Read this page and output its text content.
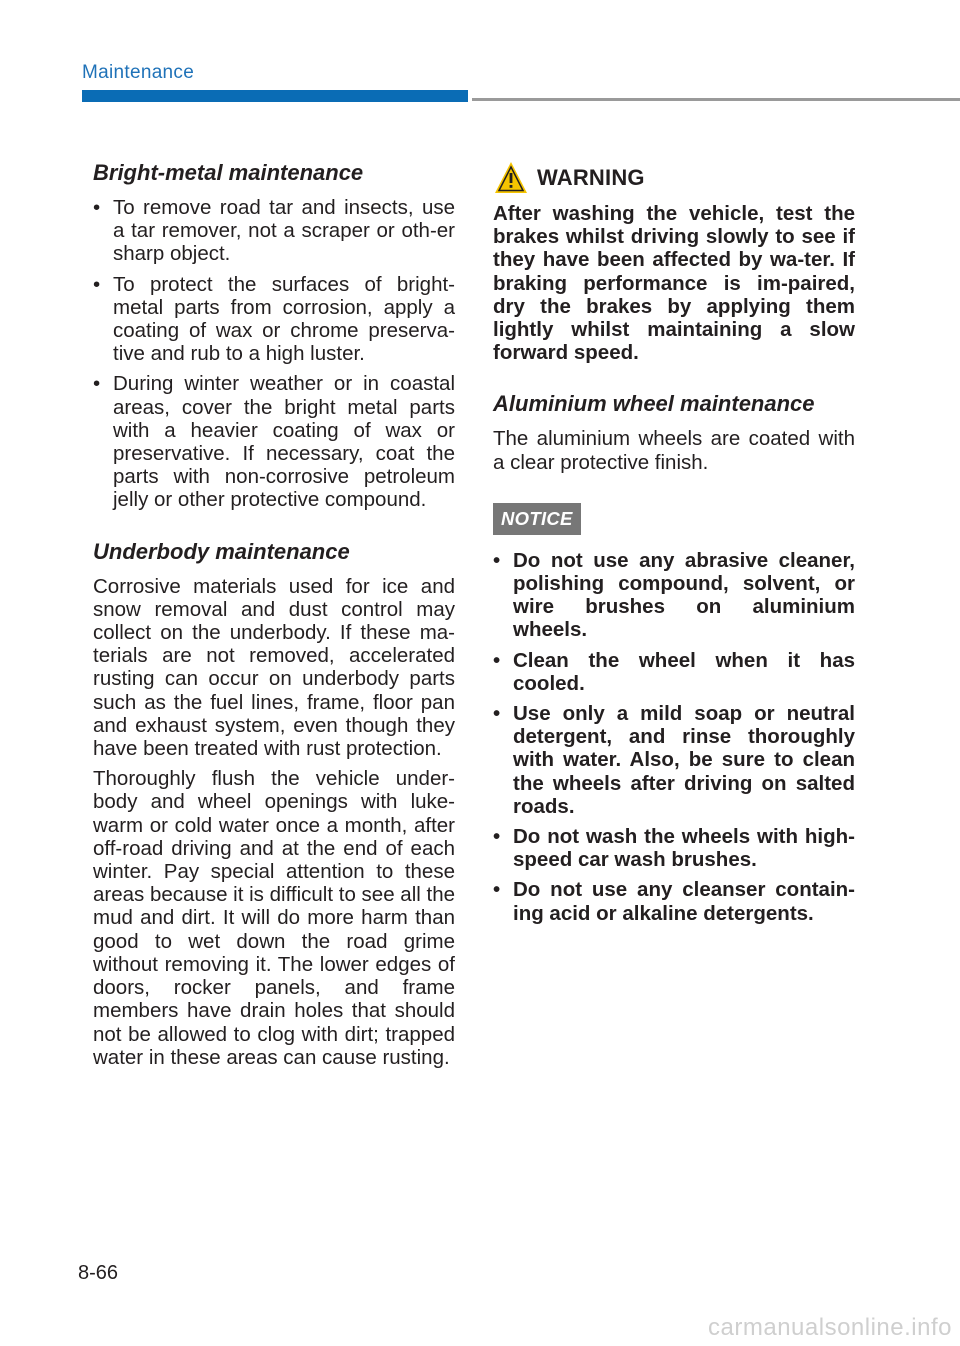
Maintenance
Bright-metal maintenance
• To remove road tar and insects, use a tar remover, not a scraper or oth-er sharp object.
• To protect the surfaces of bright-metal parts from corrosion, apply a coating of wax or chrome preserva-tive and rub to a high luster.
• During winter weather or in coastal areas, cover the bright metal parts with a heavier coating of wax or preservative. If necessary, coat the parts with non-corrosive petroleum jelly or other protective compound.
Underbody maintenance

Corrosive materials used for ice and snow removal and dust control may collect on the underbody. If these ma-terials are not removed, accelerated rusting can occur on underbody parts such as the fuel lines, frame, floor pan and exhaust system, even though they have been treated with rust protection.

Thoroughly flush the vehicle under-body and wheel openings with luke-warm or cold water once a month, after off-road driving and at the end of each winter. Pay special attention to these areas because it is difficult to see all the mud and dirt. It will do more harm than good to wet down the road grime without removing it. The lower edges of doors, rocker panels, and frame members have drain holes that should not be allowed to clog with dirt; trapped water in these areas can cause rusting.

WARNING

After washing the vehicle, test the brakes whilst driving slowly to see if they have been affected by wa-ter. If braking performance is im-paired, dry the brakes by applying them lightly whilst maintaining a slow forward speed.

Aluminium wheel maintenance

The aluminium wheels are coated with a clear protective finish.

NOTICE
• Do not use any abrasive cleaner, polishing compound, solvent, or wire brushes on aluminium wheels.
• Clean the wheel when it has cooled.
• Use only a mild soap or neutral detergent, and rinse thoroughly with water. Also, be sure to clean the wheels after driving on salted roads.
• Do not wash the wheels with high-speed car wash brushes.
• Do not use any cleanser contain-ing acid or alkaline detergents.
8-66
carmanualsonline.info
